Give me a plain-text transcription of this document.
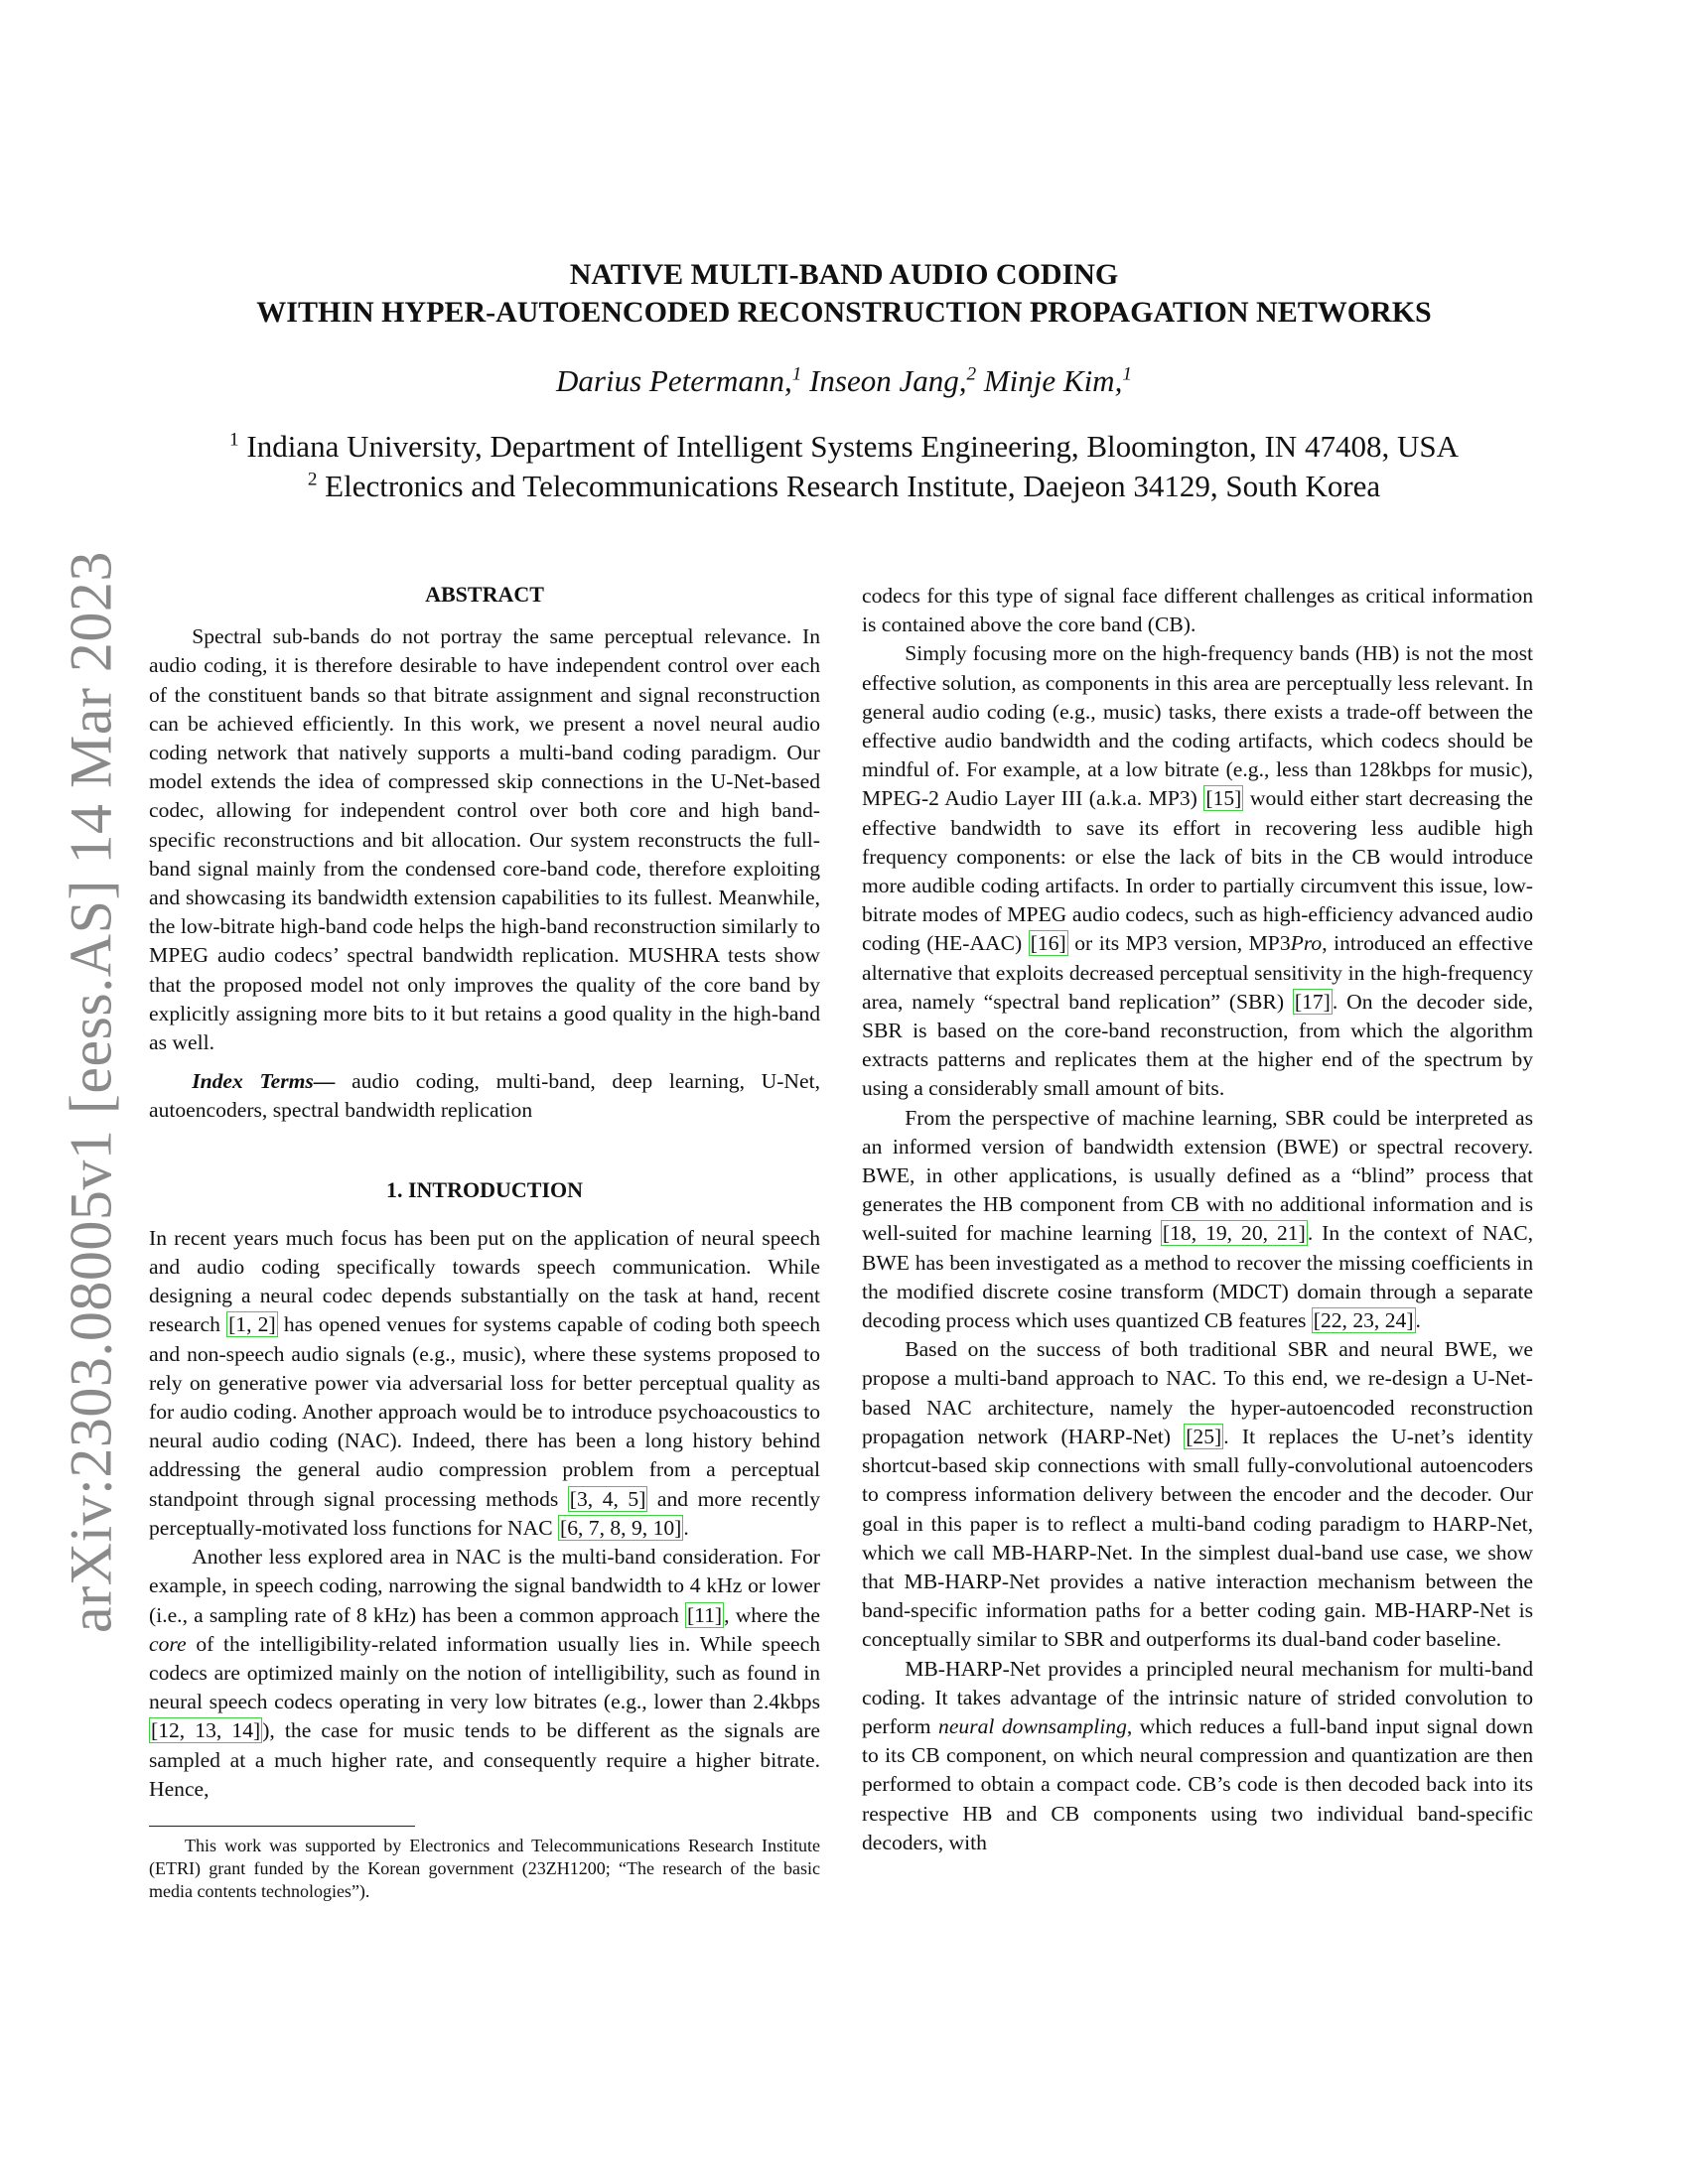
arXiv:2303.08005v1 [eess.AS] 14 Mar 2023
NATIVE MULTI-BAND AUDIO CODING
WITHIN HYPER-AUTOENCODED RECONSTRUCTION PROPAGATION NETWORKS
Darius Petermann,$^1$ Inseon Jang,$^2$ Minje Kim,$^1$
$^1$ Indiana University, Department of Intelligent Systems Engineering, Bloomington, IN 47408, USA
$^2$ Electronics and Telecommunications Research Institute, Daejeon 34129, South Korea
ABSTRACT

Spectral sub-bands do not portray the same perceptual relevance. In audio coding, it is therefore desirable to have independent control over each of the constituent bands so that bitrate assignment and signal reconstruction can be achieved efficiently. In this work, we present a novel neural audio coding network that natively supports a multi-band coding paradigm. Our model extends the idea of compressed skip connections in the U-Net-based codec, allowing for independent control over both core and high band-specific reconstructions and bit allocation. Our system reconstructs the full-band signal mainly from the condensed core-band code, therefore exploiting and showcasing its bandwidth extension capabilities to its fullest. Meanwhile, the low-bitrate high-band code helps the high-band reconstruction similarly to MPEG audio codecs’ spectral bandwidth replication. MUSHRA tests show that the proposed model not only improves the quality of the core band by explicitly assigning more bits to it but retains a good quality in the high-band as well.

Index Terms— audio coding, multi-band, deep learning, U-Net, autoencoders, spectral bandwidth replication

1. INTRODUCTION

In recent years much focus has been put on the application of neural speech and audio coding specifically towards speech communication. While designing a neural codec depends substantially on the task at hand, recent research [1, 2] has opened venues for systems capable of coding both speech and non-speech audio signals (e.g., music), where these systems proposed to rely on generative power via adversarial loss for better perceptual quality as for audio coding. Another approach would be to introduce psychoacoustics to neural audio coding (NAC). Indeed, there has been a long history behind addressing the general audio compression problem from a perceptual standpoint through signal processing methods [3, 4, 5] and more recently perceptually-motivated loss functions for NAC [6, 7, 8, 9, 10].

Another less explored area in NAC is the multi-band consideration. For example, in speech coding, narrowing the signal bandwidth to 4 kHz or lower (i.e., a sampling rate of 8 kHz) has been a common approach [11], where the core of the intelligibility-related information usually lies in. While speech codecs are optimized mainly on the notion of intelligibility, such as found in neural speech codecs operating in very low bitrates (e.g., lower than 2.4kbps [12, 13, 14]), the case for music tends to be different as the signals are sampled at a much higher rate, and consequently require a higher bitrate. Hence,

This work was supported by Electronics and Telecommunications Research Institute (ETRI) grant funded by the Korean government (23ZH1200; “The research of the basic media contents technologies”).

codecs for this type of signal face different challenges as critical information is contained above the core band (CB).

Simply focusing more on the high-frequency bands (HB) is not the most effective solution, as components in this area are perceptually less relevant. In general audio coding (e.g., music) tasks, there exists a trade-off between the effective audio bandwidth and the coding artifacts, which codecs should be mindful of. For example, at a low bitrate (e.g., less than 128kbps for music), MPEG-2 Audio Layer III (a.k.a. MP3) [15] would either start decreasing the effective bandwidth to save its effort in recovering less audible high frequency components: or else the lack of bits in the CB would introduce more audible coding artifacts. In order to partially circumvent this issue, low-bitrate modes of MPEG audio codecs, such as high-efficiency advanced audio coding (HE-AAC) [16] or its MP3 version, MP3Pro, introduced an effective alternative that exploits decreased perceptual sensitivity in the high-frequency area, namely “spectral band replication” (SBR) [17]. On the decoder side, SBR is based on the core-band reconstruction, from which the algorithm extracts patterns and replicates them at the higher end of the spectrum by using a considerably small amount of bits.

From the perspective of machine learning, SBR could be interpreted as an informed version of bandwidth extension (BWE) or spectral recovery. BWE, in other applications, is usually defined as a “blind” process that generates the HB component from CB with no additional information and is well-suited for machine learning [18, 19, 20, 21]. In the context of NAC, BWE has been investigated as a method to recover the missing coefficients in the modified discrete cosine transform (MDCT) domain through a separate decoding process which uses quantized CB features [22, 23, 24].

Based on the success of both traditional SBR and neural BWE, we propose a multi-band approach to NAC. To this end, we re-design a U-Net-based NAC architecture, namely the hyper-autoencoded reconstruction propagation network (HARP-Net) [25]. It replaces the U-net’s identity shortcut-based skip connections with small fully-convolutional autoencoders to compress information delivery between the encoder and the decoder. Our goal in this paper is to reflect a multi-band coding paradigm to HARP-Net, which we call MB-HARP-Net. In the simplest dual-band use case, we show that MB-HARP-Net provides a native interaction mechanism between the band-specific information paths for a better coding gain. MB-HARP-Net is conceptually similar to SBR and outperforms its dual-band coder baseline.

MB-HARP-Net provides a principled neural mechanism for multi-band coding. It takes advantage of the intrinsic nature of strided convolution to perform neural downsampling, which reduces a full-band input signal down to its CB component, on which neural compression and quantization are then performed to obtain a compact code. CB’s code is then decoded back into its respective HB and CB components using two individual band-specific decoders, with
